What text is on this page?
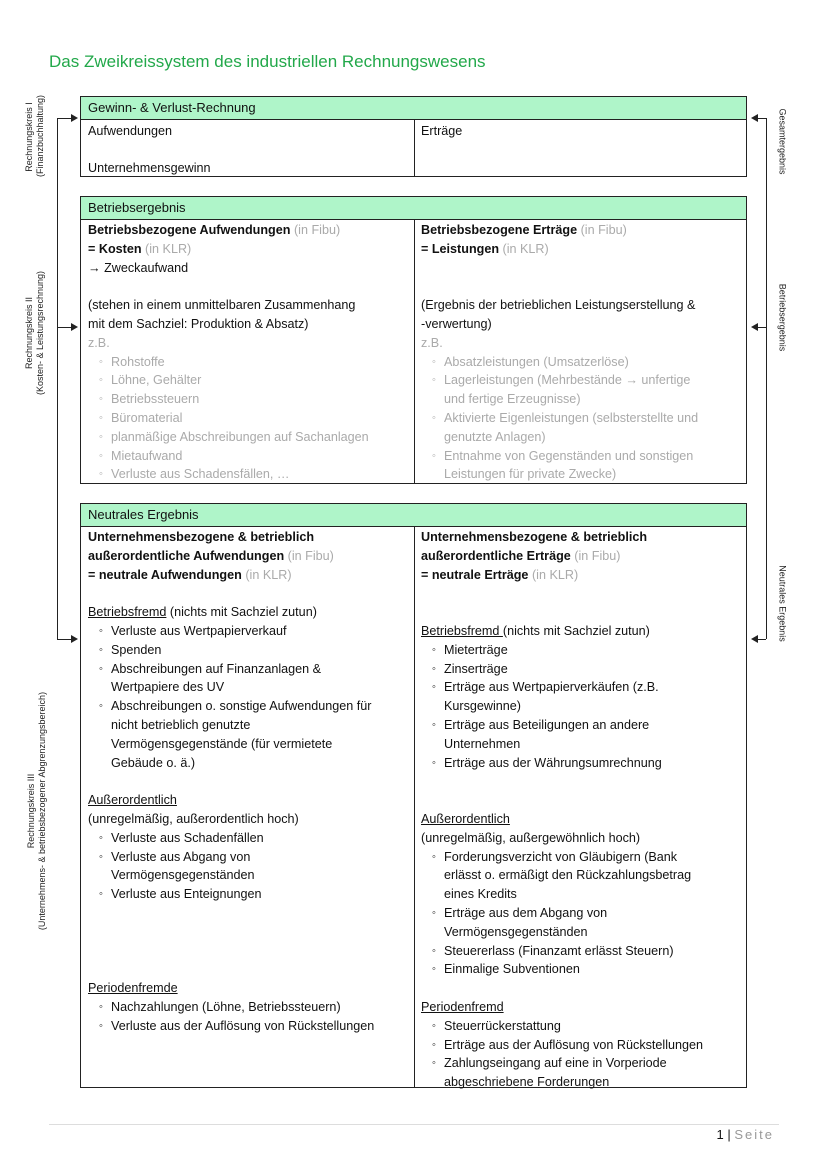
Das Zweikreissystem des industriellen Rechnungswesens
Rechnungskreis I (Finanzbuchhaltung)
Rechnungskreis II (Kosten- & Leistungsrechnung)
Rechnungskreis III (Unternehmens- & betriebsbezogener Abgrenzungsbereich)
Gesamtergebnis
Betriebsergebnis
Neutrales Ergebnis
Gewinn- & Verlust-Rechnung
Aufwendungen
Unternehmensgewinn
Erträge
Betriebsergebnis
Betriebsbezogene Aufwendungen (in Fibu)
= Kosten (in KLR)
→ Zweckaufwand
(stehen in einem unmittelbaren Zusammenhang
mit dem Sachziel: Produktion & Absatz)
z.B.
◦ Rohstoffe
◦ Löhne, Gehälter
◦ Betriebssteuern
◦ Büromaterial
◦ planmäßige Abschreibungen auf Sachanlagen
◦ Mietaufwand
◦ Verluste aus Schadensfällen, …
Betriebsbezogene Erträge (in Fibu)
= Leistungen (in KLR)
(Ergebnis der betrieblichen Leistungserstellung &
-verwertung)
z.B.
◦ Absatzleistungen (Umsatzerlöse)
◦ Lagerleistungen (Mehrbestände → unfertige
und fertige Erzeugnisse)
◦ Aktivierte Eigenleistungen (selbsterstellte und
genutzte Anlagen)
◦ Entnahme von Gegenständen und sonstigen
Leistungen für private Zwecke)
Neutrales Ergebnis
Unternehmensbezogene & betrieblich
außerordentliche Aufwendungen (in Fibu)
= neutrale Aufwendungen (in KLR)
Betriebsfremd (nichts mit Sachziel zutun)
◦ Verluste aus Wertpapierverkauf
◦ Spenden
◦ Abschreibungen auf Finanzanlagen &
Wertpapiere des UV
◦ Abschreibungen o. sonstige Aufwendungen für
nicht betrieblich genutzte
Vermögensgegenstände (für vermietete
Gebäude o. ä.)
Außerordentlich
(unregelmäßig, außerordentlich hoch)
◦ Verluste aus Schadenfällen
◦ Verluste aus Abgang von
Vermögensgegenständen
◦ Verluste aus Enteignungen
Periodenfremde
◦ Nachzahlungen (Löhne, Betriebssteuern)
◦ Verluste aus der Auflösung von Rückstellungen
Unternehmensbezogene & betrieblich
außerordentliche Erträge (in Fibu)
= neutrale Erträge (in KLR)
Betriebsfremd (nichts mit Sachziel zutun)
◦ Mieterträge
◦ Zinserträge
◦ Erträge aus Wertpapierverkäufen (z.B.
Kursgewinne)
◦ Erträge aus Beteiligungen an andere
Unternehmen
◦ Erträge aus der Währungsumrechnung
Außerordentlich
(unregelmäßig, außergewöhnlich hoch)
◦ Forderungsverzicht von Gläubigern (Bank
erlässt o. ermäßigt den Rückzahlungsbetrag
eines Kredits
◦ Erträge aus dem Abgang von
Vermögensgegenständen
◦ Steuererlass (Finanzamt erlässt Steuern)
◦ Einmalige Subventionen
Periodenfremd
◦ Steuerrückerstattung
◦ Erträge aus der Auflösung von Rückstellungen
◦ Zahlungseingang auf eine in Vorperiode
abgeschriebene Forderungen
1 | Seite
